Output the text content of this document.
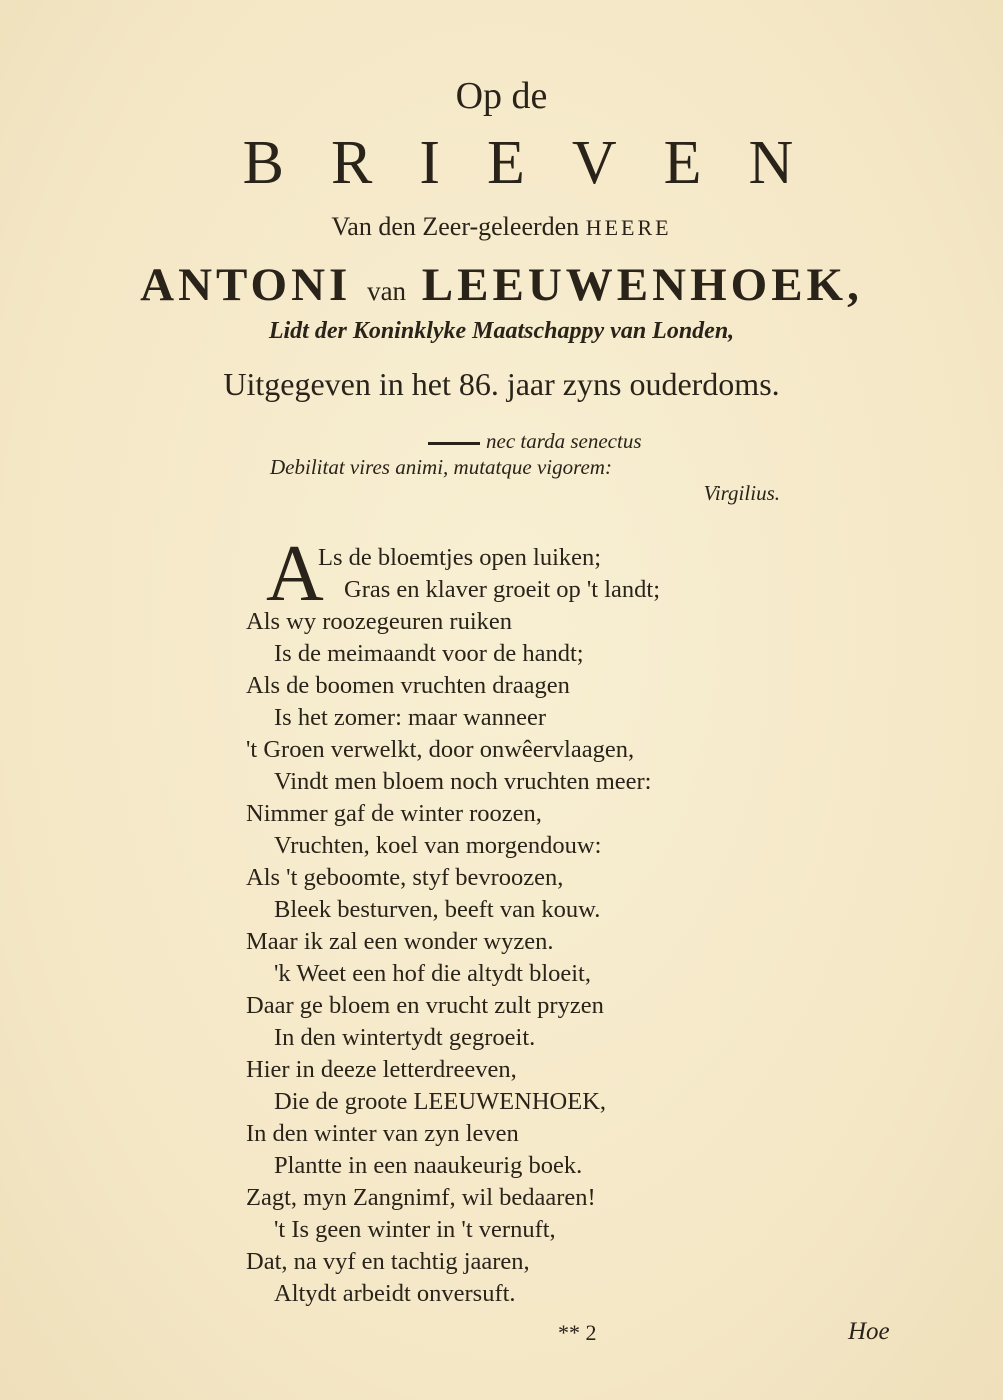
Op de
BRIEVEN
Van den Zeer-geleerden HEERE
ANTONI van LEEUWENHOEK,
Lidt der Koninklyke Maatschappy van Londen,
Uitgegeven in het 86. jaar zyns ouderdoms.
nec tarda senectus
Debilitat vires animi, mutatque vigorem:
Virgilius.
A
Ls de bloemtjes open luiken;
Gras en klaver groeit op 't landt;
Als wy roozegeuren ruiken
Is de meimaandt voor de handt;
Als de boomen vruchten draagen
Is het zomer: maar wanneer
't Groen verwelkt, door onwêervlaagen,
Vindt men bloem noch vruchten meer:
Nimmer gaf de winter roozen,
Vruchten, koel van morgendouw:
Als 't geboomte, styf bevroozen,
Bleek besturven, beeft van kouw.
Maar ik zal een wonder wyzen.
'k Weet een hof die altydt bloeit,
Daar ge bloem en vrucht zult pryzen
In den wintertydt gegroeit.
Hier in deeze letterdreeven,
Die de groote LEEUWENHOEK,
In den winter van zyn leven
Plantte in een naaukeurig boek.
Zagt, myn Zangnimf, wil bedaaren!
't Is geen winter in 't vernuft,
Dat, na vyf en tachtig jaaren,
Altydt arbeidt onversuft.
** 2	Hoe
